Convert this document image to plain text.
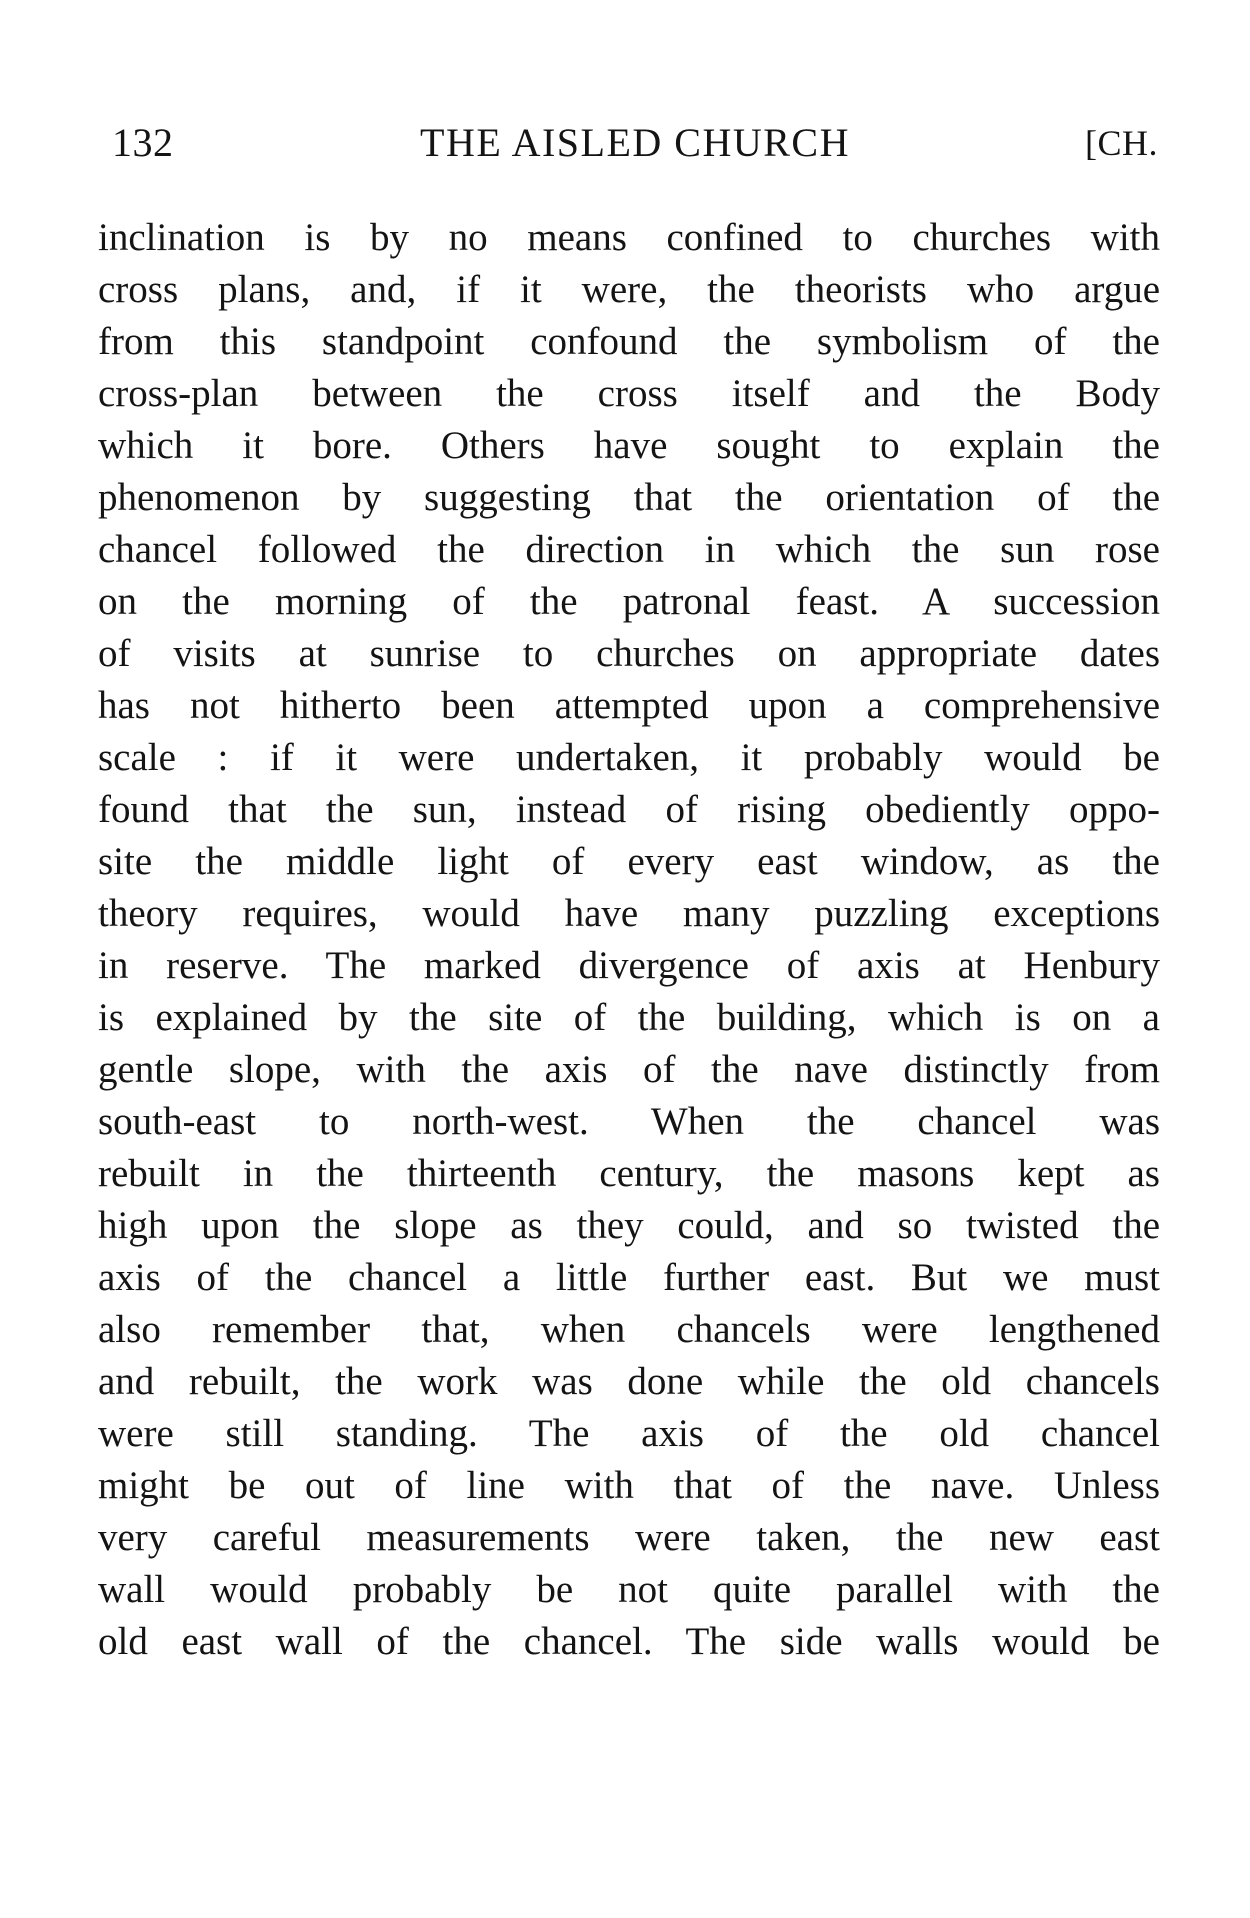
132	THE AISLED CHURCH	[CH.
inclination is by no means confined to churches with
cross plans, and, if it were, the theorists who argue
from this standpoint confound the symbolism of the
cross-plan between the cross itself and the Body
which it bore. Others have sought to explain the
phenomenon by suggesting that the orientation of the
chancel followed the direction in which the sun rose
on the morning of the patronal feast. A succession
of visits at sunrise to churches on appropriate dates
has not hitherto been attempted upon a comprehensive
scale : if it were undertaken, it probably would be
found that the sun, instead of rising obediently oppo-
site the middle light of every east window, as the
theory requires, would have many puzzling exceptions
in reserve. The marked divergence of axis at Henbury
is explained by the site of the building, which is on a
gentle slope, with the axis of the nave distinctly from
south-east to north-west. When the chancel was
rebuilt in the thirteenth century, the masons kept as
high upon the slope as they could, and so twisted the
axis of the chancel a little further east. But we must
also remember that, when chancels were lengthened
and rebuilt, the work was done while the old chancels
were still standing. The axis of the old chancel
might be out of line with that of the nave. Unless
very careful measurements were taken, the new east
wall would probably be not quite parallel with the
old east wall of the chancel. The side walls would be
